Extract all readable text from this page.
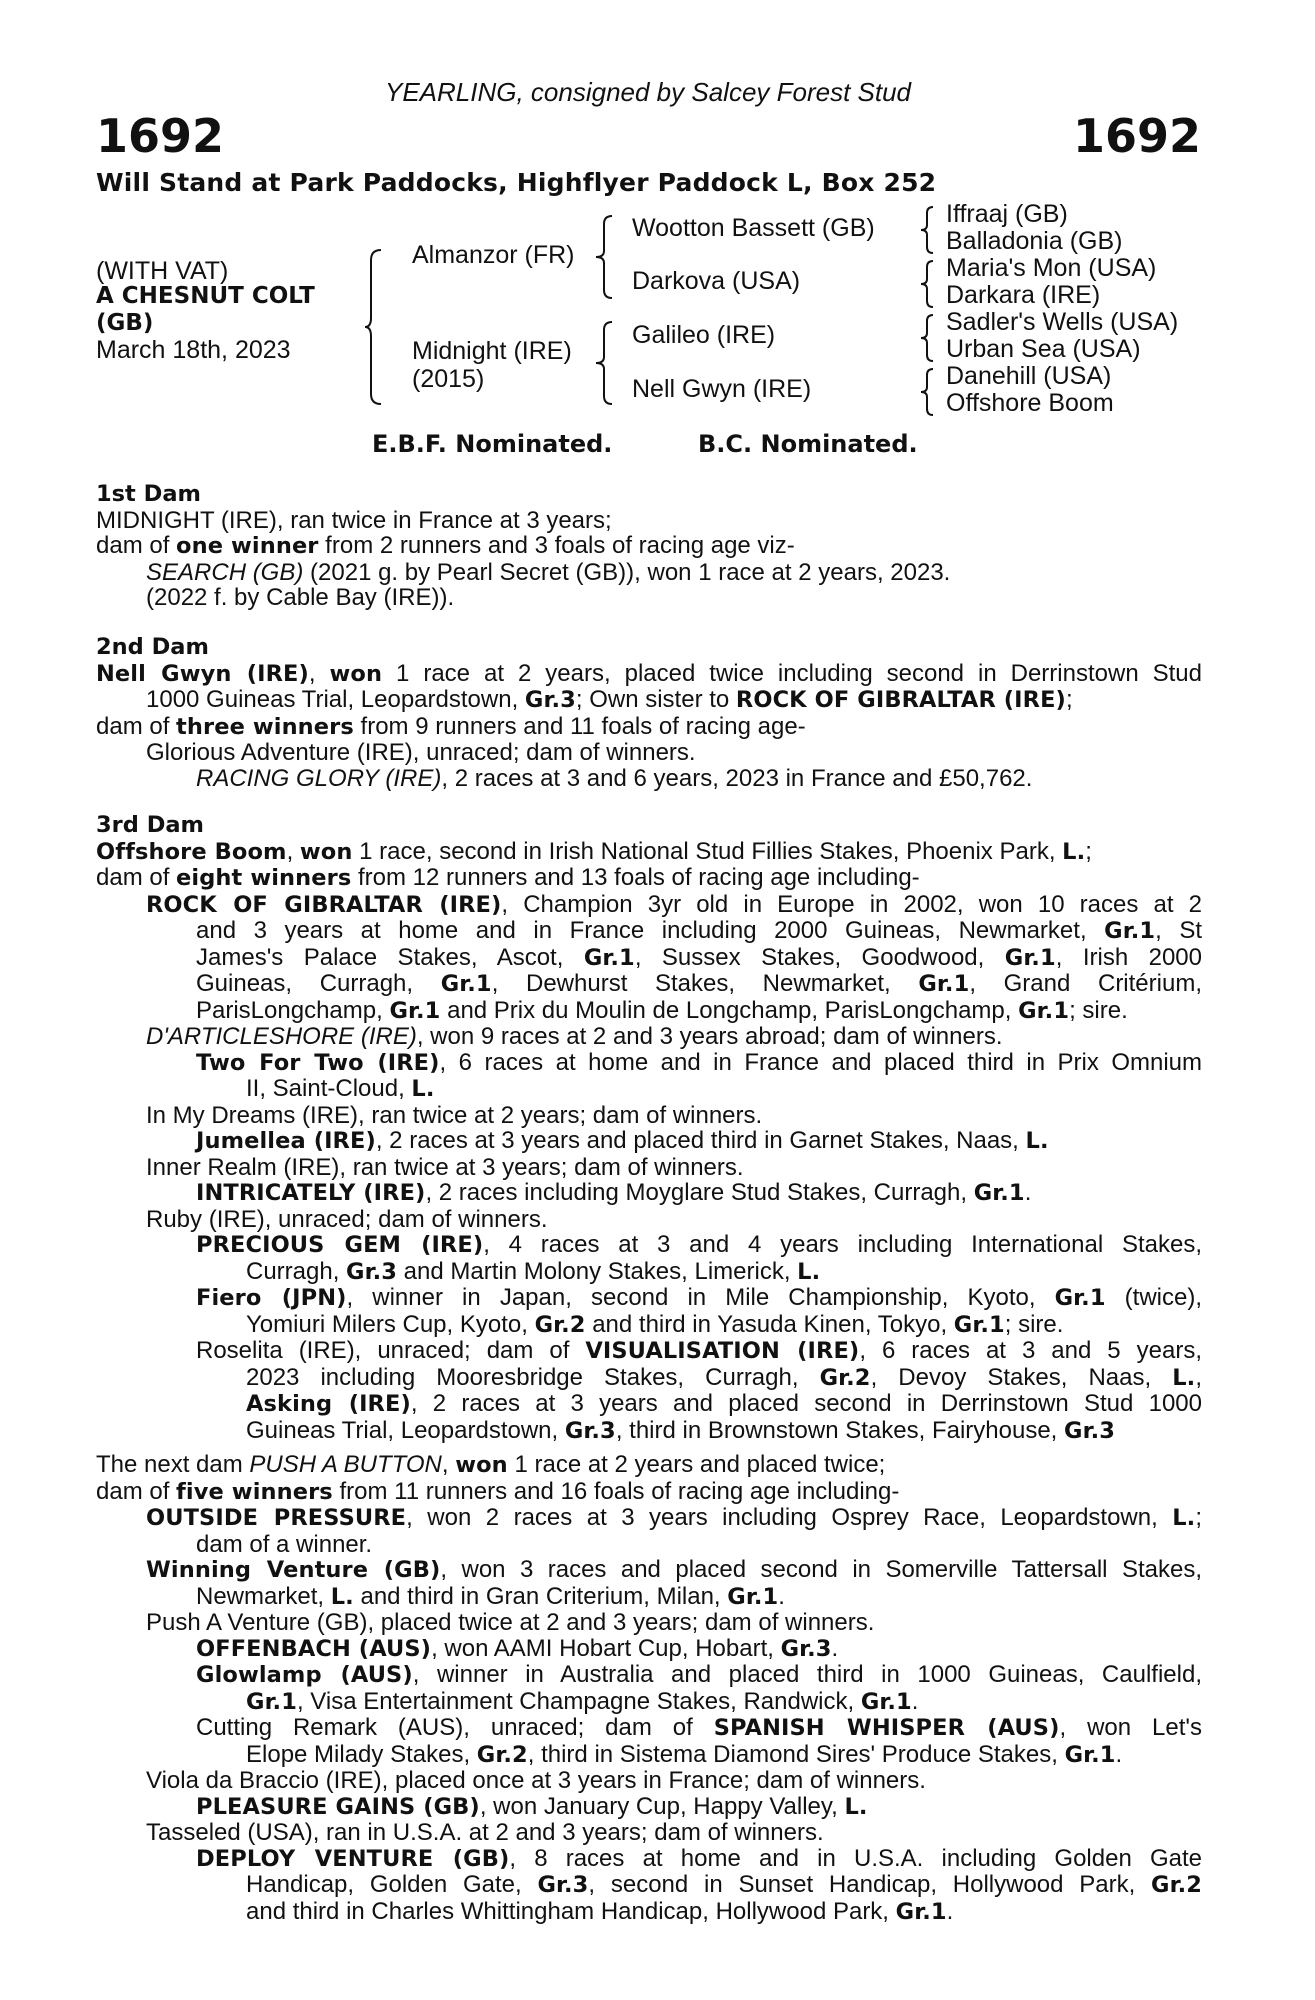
YEARLING, consigned by Salcey Forest Stud
1692	1692
Will Stand at Park Paddocks, Highflyer Paddock L, Box 252
(WITH VAT)
A CHESNUT COLT
(GB)
March 18th, 2023
Almanzor (FR)
Midnight (IRE)
(2015)
Wootton Bassett (GB)
Darkova (USA)
Galileo (IRE)
Nell Gwyn (IRE)
Iffraaj (GB)
Balladonia (GB)
Maria's Mon (USA)
Darkara (IRE)
Sadler's Wells (USA)
Urban Sea (USA)
Danehill (USA)
Offshore Boom
E.B.F. Nominated.	B.C. Nominated.
1st Dam
MIDNIGHT (IRE), ran twice in France at 3 years;
dam of one winner from 2 runners and 3 foals of racing age viz-
SEARCH (GB) (2021 g. by Pearl Secret (GB)), won 1 race at 2 years, 2023.
(2022 f. by Cable Bay (IRE)).
2nd Dam
Nell Gwyn (IRE), won 1 race at 2 years, placed twice including second in Derrinstown Stud
1000 Guineas Trial, Leopardstown, Gr.3; Own sister to ROCK OF GIBRALTAR (IRE);
dam of three winners from 9 runners and 11 foals of racing age-
Glorious Adventure (IRE), unraced; dam of winners.
RACING GLORY (IRE), 2 races at 3 and 6 years, 2023 in France and £50,762.
3rd Dam
Offshore Boom, won 1 race, second in Irish National Stud Fillies Stakes, Phoenix Park, L.;
dam of eight winners from 12 runners and 13 foals of racing age including-
ROCK OF GIBRALTAR (IRE), Champion 3yr old in Europe in 2002, won 10 races at 2
and 3 years at home and in France including 2000 Guineas, Newmarket, Gr.1, St
James's Palace Stakes, Ascot, Gr.1, Sussex Stakes, Goodwood, Gr.1, Irish 2000
Guineas, Curragh, Gr.1, Dewhurst Stakes, Newmarket, Gr.1, Grand Critérium,
ParisLongchamp, Gr.1 and Prix du Moulin de Longchamp, ParisLongchamp, Gr.1; sire.
D'ARTICLESHORE (IRE), won 9 races at 2 and 3 years abroad; dam of winners.
Two For Two (IRE), 6 races at home and in France and placed third in Prix Omnium
II, Saint-Cloud, L.
In My Dreams (IRE), ran twice at 2 years; dam of winners.
Jumellea (IRE), 2 races at 3 years and placed third in Garnet Stakes, Naas, L.
Inner Realm (IRE), ran twice at 3 years; dam of winners.
INTRICATELY (IRE), 2 races including Moyglare Stud Stakes, Curragh, Gr.1.
Ruby (IRE), unraced; dam of winners.
PRECIOUS GEM (IRE), 4 races at 3 and 4 years including International Stakes,
Curragh, Gr.3 and Martin Molony Stakes, Limerick, L.
Fiero (JPN), winner in Japan, second in Mile Championship, Kyoto, Gr.1 (twice),
Yomiuri Milers Cup, Kyoto, Gr.2 and third in Yasuda Kinen, Tokyo, Gr.1; sire.
Roselita (IRE), unraced; dam of VISUALISATION (IRE), 6 races at 3 and 5 years,
2023 including Mooresbridge Stakes, Curragh, Gr.2, Devoy Stakes, Naas, L.,
Asking (IRE), 2 races at 3 years and placed second in Derrinstown Stud 1000
Guineas Trial, Leopardstown, Gr.3, third in Brownstown Stakes, Fairyhouse, Gr.3
The next dam PUSH A BUTTON, won 1 race at 2 years and placed twice;
dam of five winners from 11 runners and 16 foals of racing age including-
OUTSIDE PRESSURE, won 2 races at 3 years including Osprey Race, Leopardstown, L.;
dam of a winner.
Winning Venture (GB), won 3 races and placed second in Somerville Tattersall Stakes,
Newmarket, L. and third in Gran Criterium, Milan, Gr.1.
Push A Venture (GB), placed twice at 2 and 3 years; dam of winners.
OFFENBACH (AUS), won AAMI Hobart Cup, Hobart, Gr.3.
Glowlamp (AUS), winner in Australia and placed third in 1000 Guineas, Caulfield,
Gr.1, Visa Entertainment Champagne Stakes, Randwick, Gr.1.
Cutting Remark (AUS), unraced; dam of SPANISH WHISPER (AUS), won Let's
Elope Milady Stakes, Gr.2, third in Sistema Diamond Sires' Produce Stakes, Gr.1.
Viola da Braccio (IRE), placed once at 3 years in France; dam of winners.
PLEASURE GAINS (GB), won January Cup, Happy Valley, L.
Tasseled (USA), ran in U.S.A. at 2 and 3 years; dam of winners.
DEPLOY VENTURE (GB), 8 races at home and in U.S.A. including Golden Gate
Handicap, Golden Gate, Gr.3, second in Sunset Handicap, Hollywood Park, Gr.2
and third in Charles Whittingham Handicap, Hollywood Park, Gr.1.
